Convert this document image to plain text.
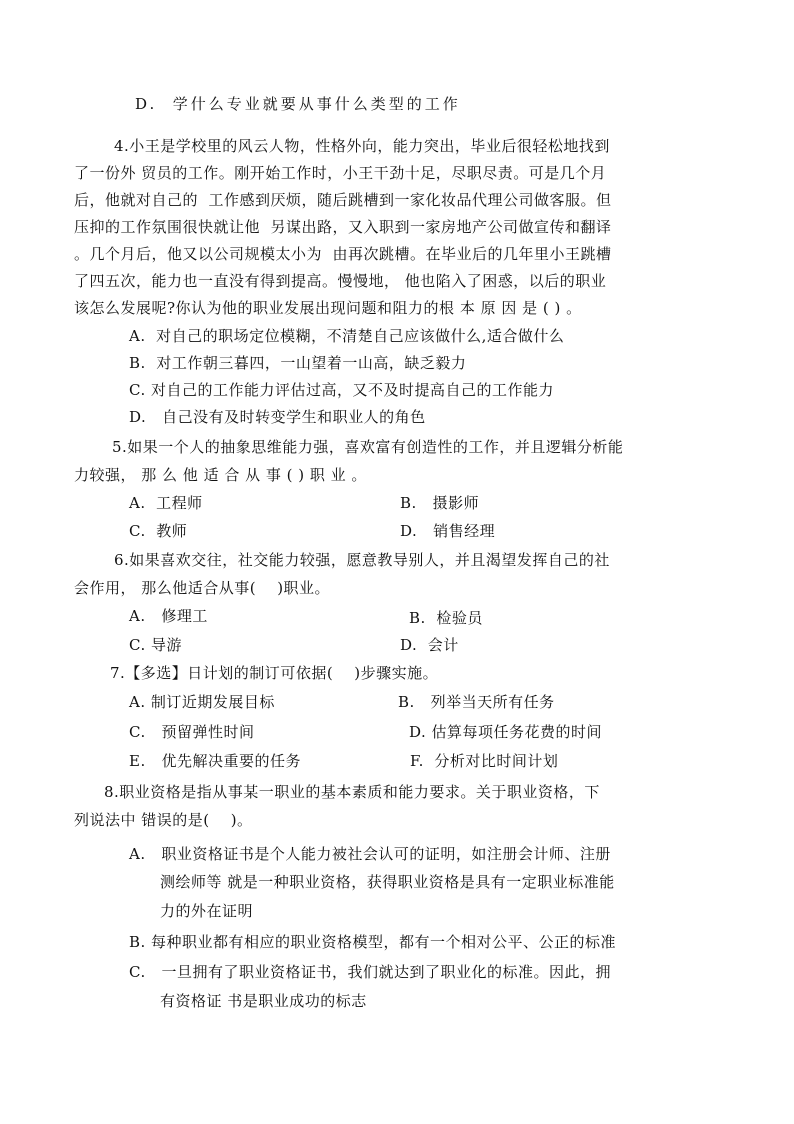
D.  学什么专业就要从事什么类型的工作
4.小王是学校里的风云人物，性格外向，能力突出，毕业后很轻松地找到
了一份外 贸员的工作。刚开始工作时，小王干劲十足，尽职尽责。可是几个月
后，他就对自己的  工作感到厌烦，随后跳槽到一家化妆品代理公司做客服。但
压抑的工作氛围很快就让他  另谋出路，又入职到一家房地产公司做宣传和翻译
。几个月后，他又以公司规模太小为  由再次跳槽。在毕业后的几年里小王跳槽
了四五次，能力也一直没有得到提高。慢慢地， 他也陷入了困惑，以后的职业
该怎么发展呢?你认为他的职业发展出现问题和阻力的根 本 原 因 是 ( ) 。
A.  对自己的职场定位模糊，不清楚自己应该做什么,适合做什么
B.  对工作朝三暮四，一山望着一山高，缺乏毅力
C. 对自己的工作能力评估过高，又不及时提高自己的工作能力
D.   自己没有及时转变学生和职业人的角色
5.如果一个人的抽象思维能力强，喜欢富有创造性的工作，并且逻辑分析能
力较强， 那 么 他 适 合 从 事 ( ) 职 业 。
A.  工程师	B.   摄影师
C.  教师	D.   销售经理
6.如果喜欢交往，社交能力较强，愿意教导别人，并且渴望发挥自己的社
会作用， 那么他适合从事(    )职业。
A.   修理工	B.  检验员
C. 导游	D.  会计
7.【多选】日计划的制订可依据(    )步骤实施。
A. 制订近期发展目标	B.   列举当天所有任务
C.   预留弹性时间	D. 估算每项任务花费的时间
E.   优先解决重要的任务	F.  分析对比时间计划
8.职业资格是指从事某一职业的基本素质和能力要求。关于职业资格，下
列说法中 错误的是(    )。
A.   职业资格证书是个人能力被社会认可的证明，如注册会计师、注册
测绘师等 就是一种职业资格，获得职业资格是具有一定职业标准能
力的外在证明
B. 每种职业都有相应的职业资格模型，都有一个相对公平、公正的标准
C.   一旦拥有了职业资格证书，我们就达到了职业化的标准。因此，拥
有资格证 书是职业成功的标志
